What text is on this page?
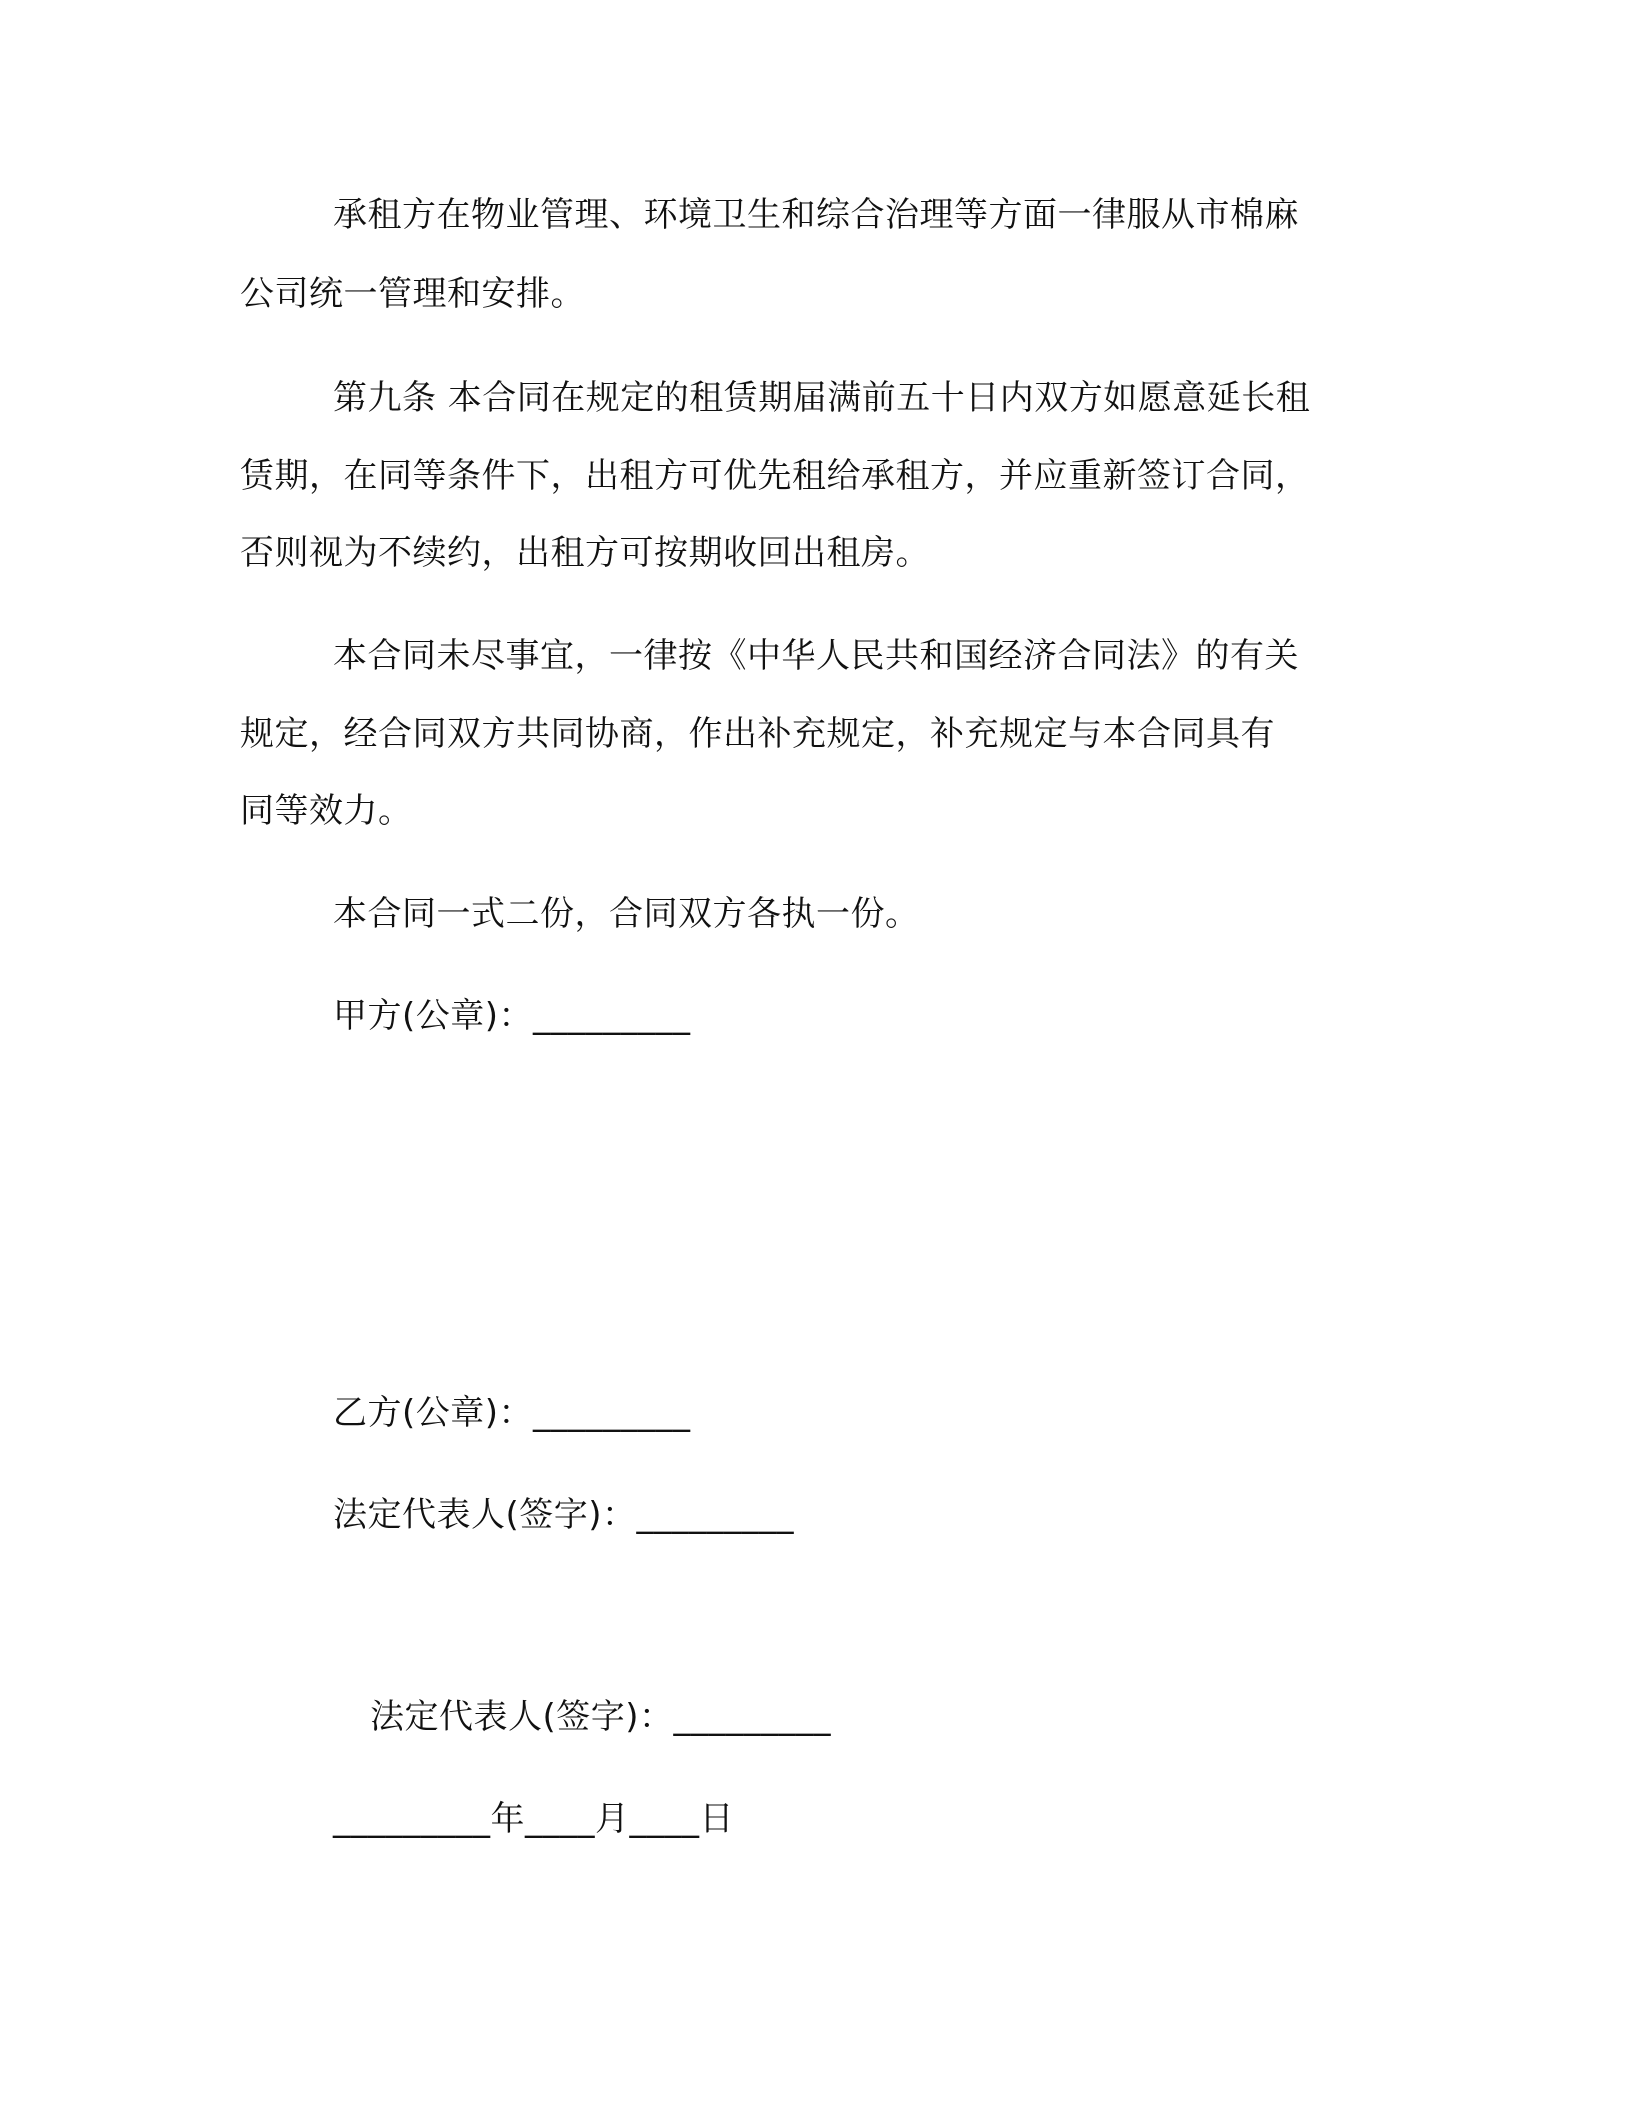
承租方在物业管理、环境卫生和综合治理等方面一律服从市棉麻
公司统一管理和安排。
第九条 本合同在规定的租赁期届满前五十日内双方如愿意延长租
赁期，在同等条件下，出租方可优先租给承租方，并应重新签订合同，
否则视为不续约，出租方可按期收回出租房。
本合同未尽事宜，一律按《中华人民共和国经济合同法》的有关
规定，经合同双方共同协商，作出补充规定，补充规定与本合同具有
同等效力。
本合同一式二份，合同双方各执一份。
甲方(公章)：_________
乙方(公章)：_________
法定代表人(签字)：_________
法定代表人(签字)：_________
_________年____月____日
